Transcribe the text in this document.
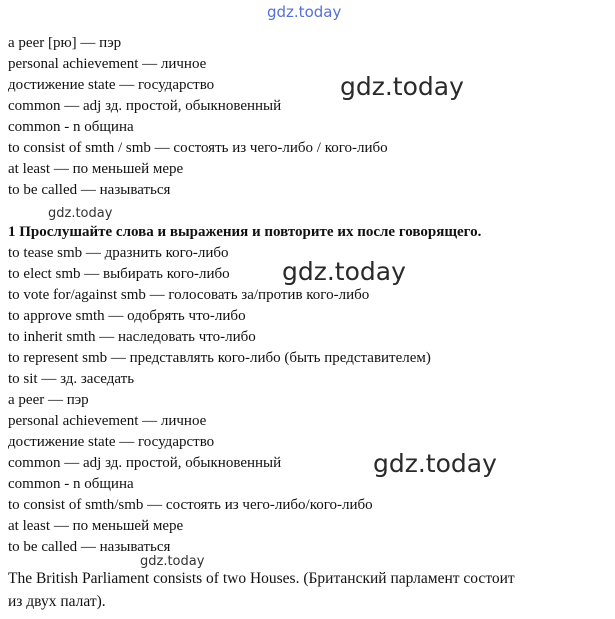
gdz.today
gdz.today
gdz.today
gdz.today
gdz.today
gdz.today
a peer [рю] — пэр
personal achievement — личное
достижение state — государство
common — adj зд. простой, обыкновенный
common - n община
to consist of smth / smb — состоять из чего-либо / кого-либо
at least — по меньшей мере
to be called — называться
1 Прослушайте слова и выражения и повторите их после говорящего.
to tease smb — дразнить кого-либо
to elect smb — выбирать кого-либо
to vote for/against smb — голосовать за/против кого-либо
to approve smth — одобрять что-либо
to inherit smth — наследовать что-либо
to represent smb — представлять кого-либо (быть представителем)
to sit — зд. заседать
a peer — пэр
personal achievement — личное
достижение state — государство
common — adj зд. простой, обыкновенный
common - n община
to consist of smth/smb — состоять из чего-либо/кого-либо
at least — по меньшей мере
to be called — называться
The British Parliament consists of two Houses. (Британский парламент состоит
из двух палат).
